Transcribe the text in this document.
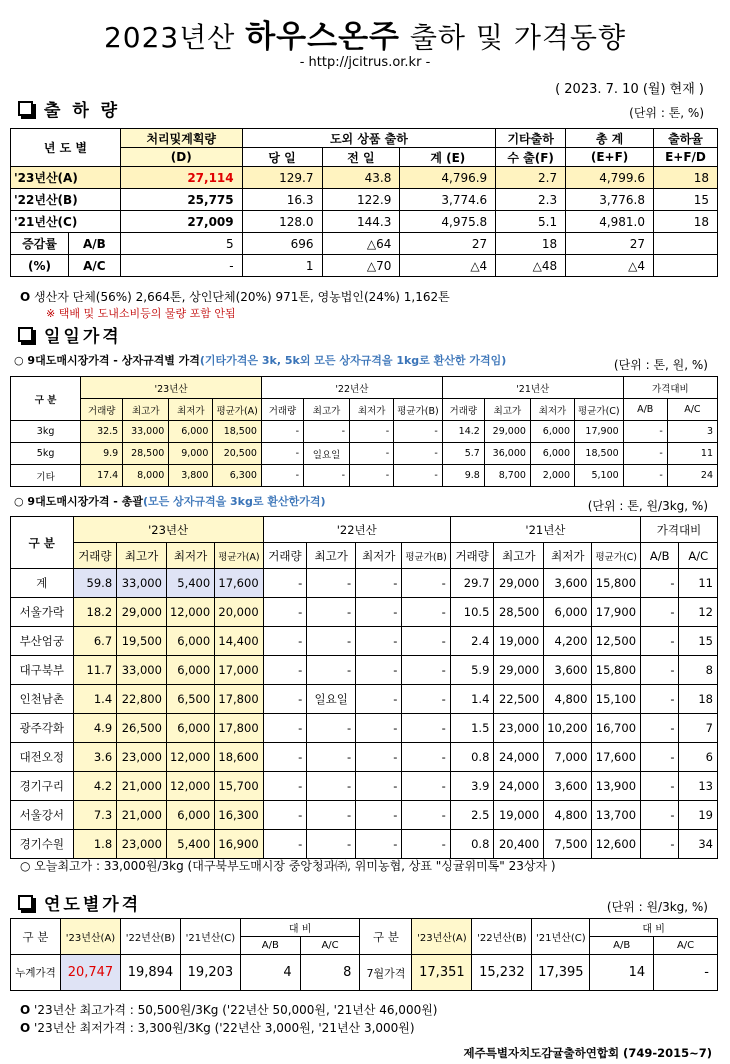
2023년산 하우스온주 출하 및 가격동향
- http://jcitrus.or.kr -
( 2023. 7. 10 (월) 현재 )
출 하 량	(단위 : 톤, %)
년 도 별		처리및계획량	도외 상품 출하			기타출하	총 계	출하율
		(D)	당 일	전 일	계 (E)	수 출(F)	(E+F)	E+F/D
'23년산(A)		27,114	129.7	43.8	4,796.9	2.7	4,799.6	18
'22년산(B)		25,775	16.3	122.9	3,774.6	2.3	3,776.8	15
'21년산(C)		27,009	128.0	144.3	4,975.8	5.1	4,981.0	18
증감률	A/B	5	696	△64	27	18	27	
(%)	A/C	-	1	△70	△4	△48	△4	
O 생산자 단체(56%) 2,664톤, 상인단체(20%) 971톤, 영농법인(24%) 1,162톤
※ 택배 및 도내소비등의 물량 포함 안됨
일일가격
○ 9대도매시장가격 - 상자규격별 가격(기타가격은 3k, 5k외 모든 상자규격을 1kg로 환산한 가격임)	(단위 : 톤, 원, %)
구 분	'23년산				'22년산				'21년산				가격대비	
	거래량	최고가	최저가	평균가(A)	거래량	최고가	최저가	평균가(B)	거래량	최고가	최저가	평균가(C)	A/B	A/C
3kg	32.5	33,000	6,000	18,500	-	-	-	-	14.2	29,000	6,000	17,900	-	3
5kg	9.9	28,500	9,000	20,500	-	일요일	-	-	5.7	36,000	6,000	18,500	-	11
기타	17.4	8,000	3,800	6,300	-	-	-	-	9.8	8,700	2,000	5,100	-	24
○ 9대도매시장가격 - 총괄(모든 상자규격을 3kg로 환산한가격)	(단위 : 톤, 원/3kg, %)
구 분	'23년산				'22년산				'21년산				가격대비	
	거래량	최고가	최저가	평균가(A)	거래량	최고가	최저가	평균가(B)	거래량	최고가	최저가	평균가(C)	A/B	A/C
계	59.8	33,000	5,400	17,600	-	-	-	-	29.7	29,000	3,600	15,800	-	11
서울가락	18.2	29,000	12,000	20,000	-	-	-	-	10.5	28,500	6,000	17,900	-	12
부산엄궁	6.7	19,500	6,000	14,400	-	-	-	-	2.4	19,000	4,200	12,500	-	15
대구북부	11.7	33,000	6,000	17,000	-	-	-	-	5.9	29,000	3,600	15,800	-	8
인천남촌	1.4	22,800	6,500	17,800	-	일요일	-	-	1.4	22,500	4,800	15,100	-	18
광주각화	4.9	26,500	6,000	17,800	-	-	-	-	1.5	23,000	10,200	16,700	-	7
대전오정	3.6	23,000	12,000	18,600	-	-	-	-	0.8	24,000	7,000	17,600	-	6
경기구리	4.2	21,000	12,000	15,700	-	-	-	-	3.9	24,000	3,600	13,900	-	13
서울강서	7.3	21,000	6,000	16,300	-	-	-	-	2.5	19,000	4,800	13,700	-	19
경기수원	1.8	23,000	5,400	16,900	-	-	-	-	0.8	20,400	7,500	12,600	-	34
○ 오늘최고가 : 33,000원/3kg (대구북부도매시장 중앙청과㈜, 위미농협, 상표 "싱귤위미톡" 23상자 )
연도별가격	(단위 : 원/3kg, %)
구 분	'23년산(A)	'22년산(B)	'21년산(C)	대 비		구 분	'23년산(A)	'22년산(B)	'21년산(C)	대 비	
				A/B	A/C					A/B	A/C
누계가격	20,747	19,894	19,203	4	8	7월가격	17,351	15,232	17,395	14	-
O '23년산 최고가격 : 50,500원/3Kg ('22년산 50,000원, '21년산 46,000원)
O '23년산 최저가격 : 3,300원/3Kg ('22년산 3,000원, '21년산 3,000원)
제주특별자치도감귤출하연합회 (749-2015~7)
